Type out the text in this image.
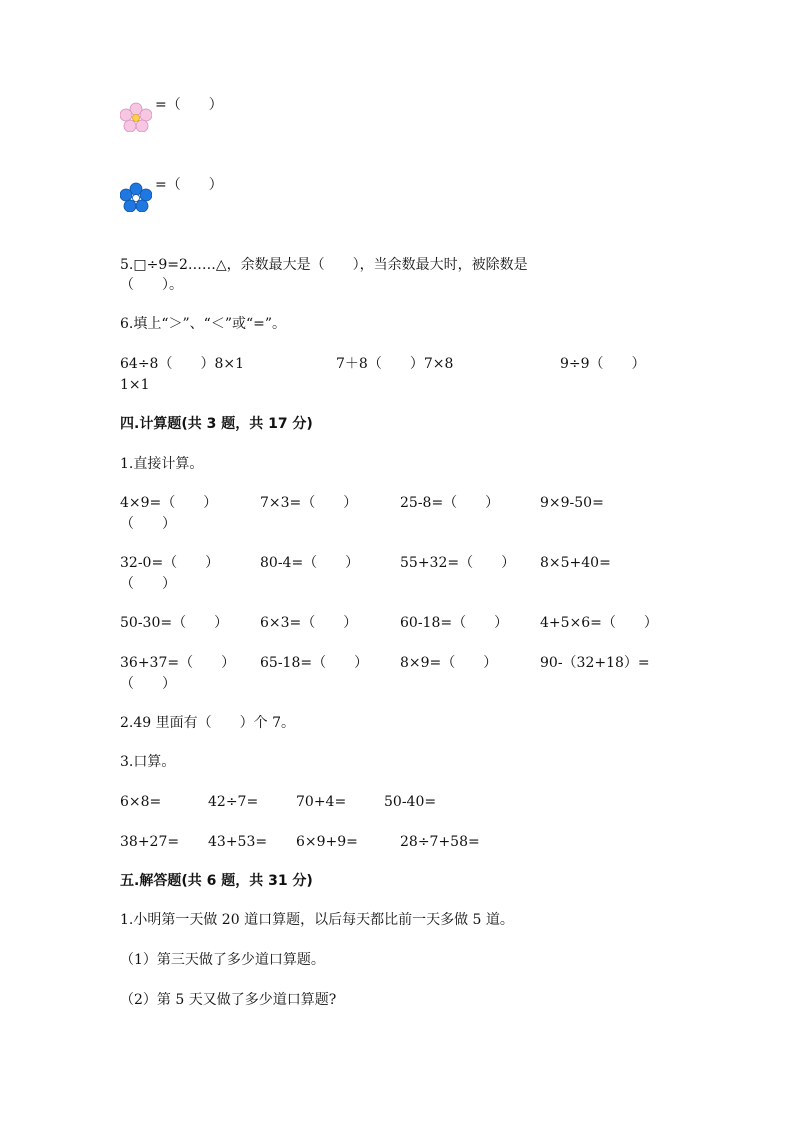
=（　　）
=（　　）
5.□÷9=2……△，余数最大是（　　），当余数最大时，被除数是
（　　）。
6.填上“＞”、“＜”或“=”。
64÷8（　　）8×1	7＋8（　　）7×8	9÷9（　　）
1×1
四.计算题(共 3 题，共 17 分)
1.直接计算。
4×9=（　　）	7×3=（　　）	25-8=（　　）	9×9-50=
（　　）
32-0=（　　）	80-4=（　　）	55+32=（　　） 8×5+40=
（　　）
50-30=（　　） 6×3=（　　）	60-18=（　　） 4+5×6=（　　）
36+37=（　　） 65-18=（　　） 8×9=（　　）	90-（32+18）=
（　　）
2.49 里面有（　　）个 7。
3.口算。
6×8=	42÷7=	70+4=	50-40=
38+27= 43+53= 6×9+9=	28÷7+58=
五.解答题(共 6 题，共 31 分)
1.小明第一天做 20 道口算题，以后每天都比前一天多做 5 道。
（1）第三天做了多少道口算题。
（2）第 5 天又做了多少道口算题?
